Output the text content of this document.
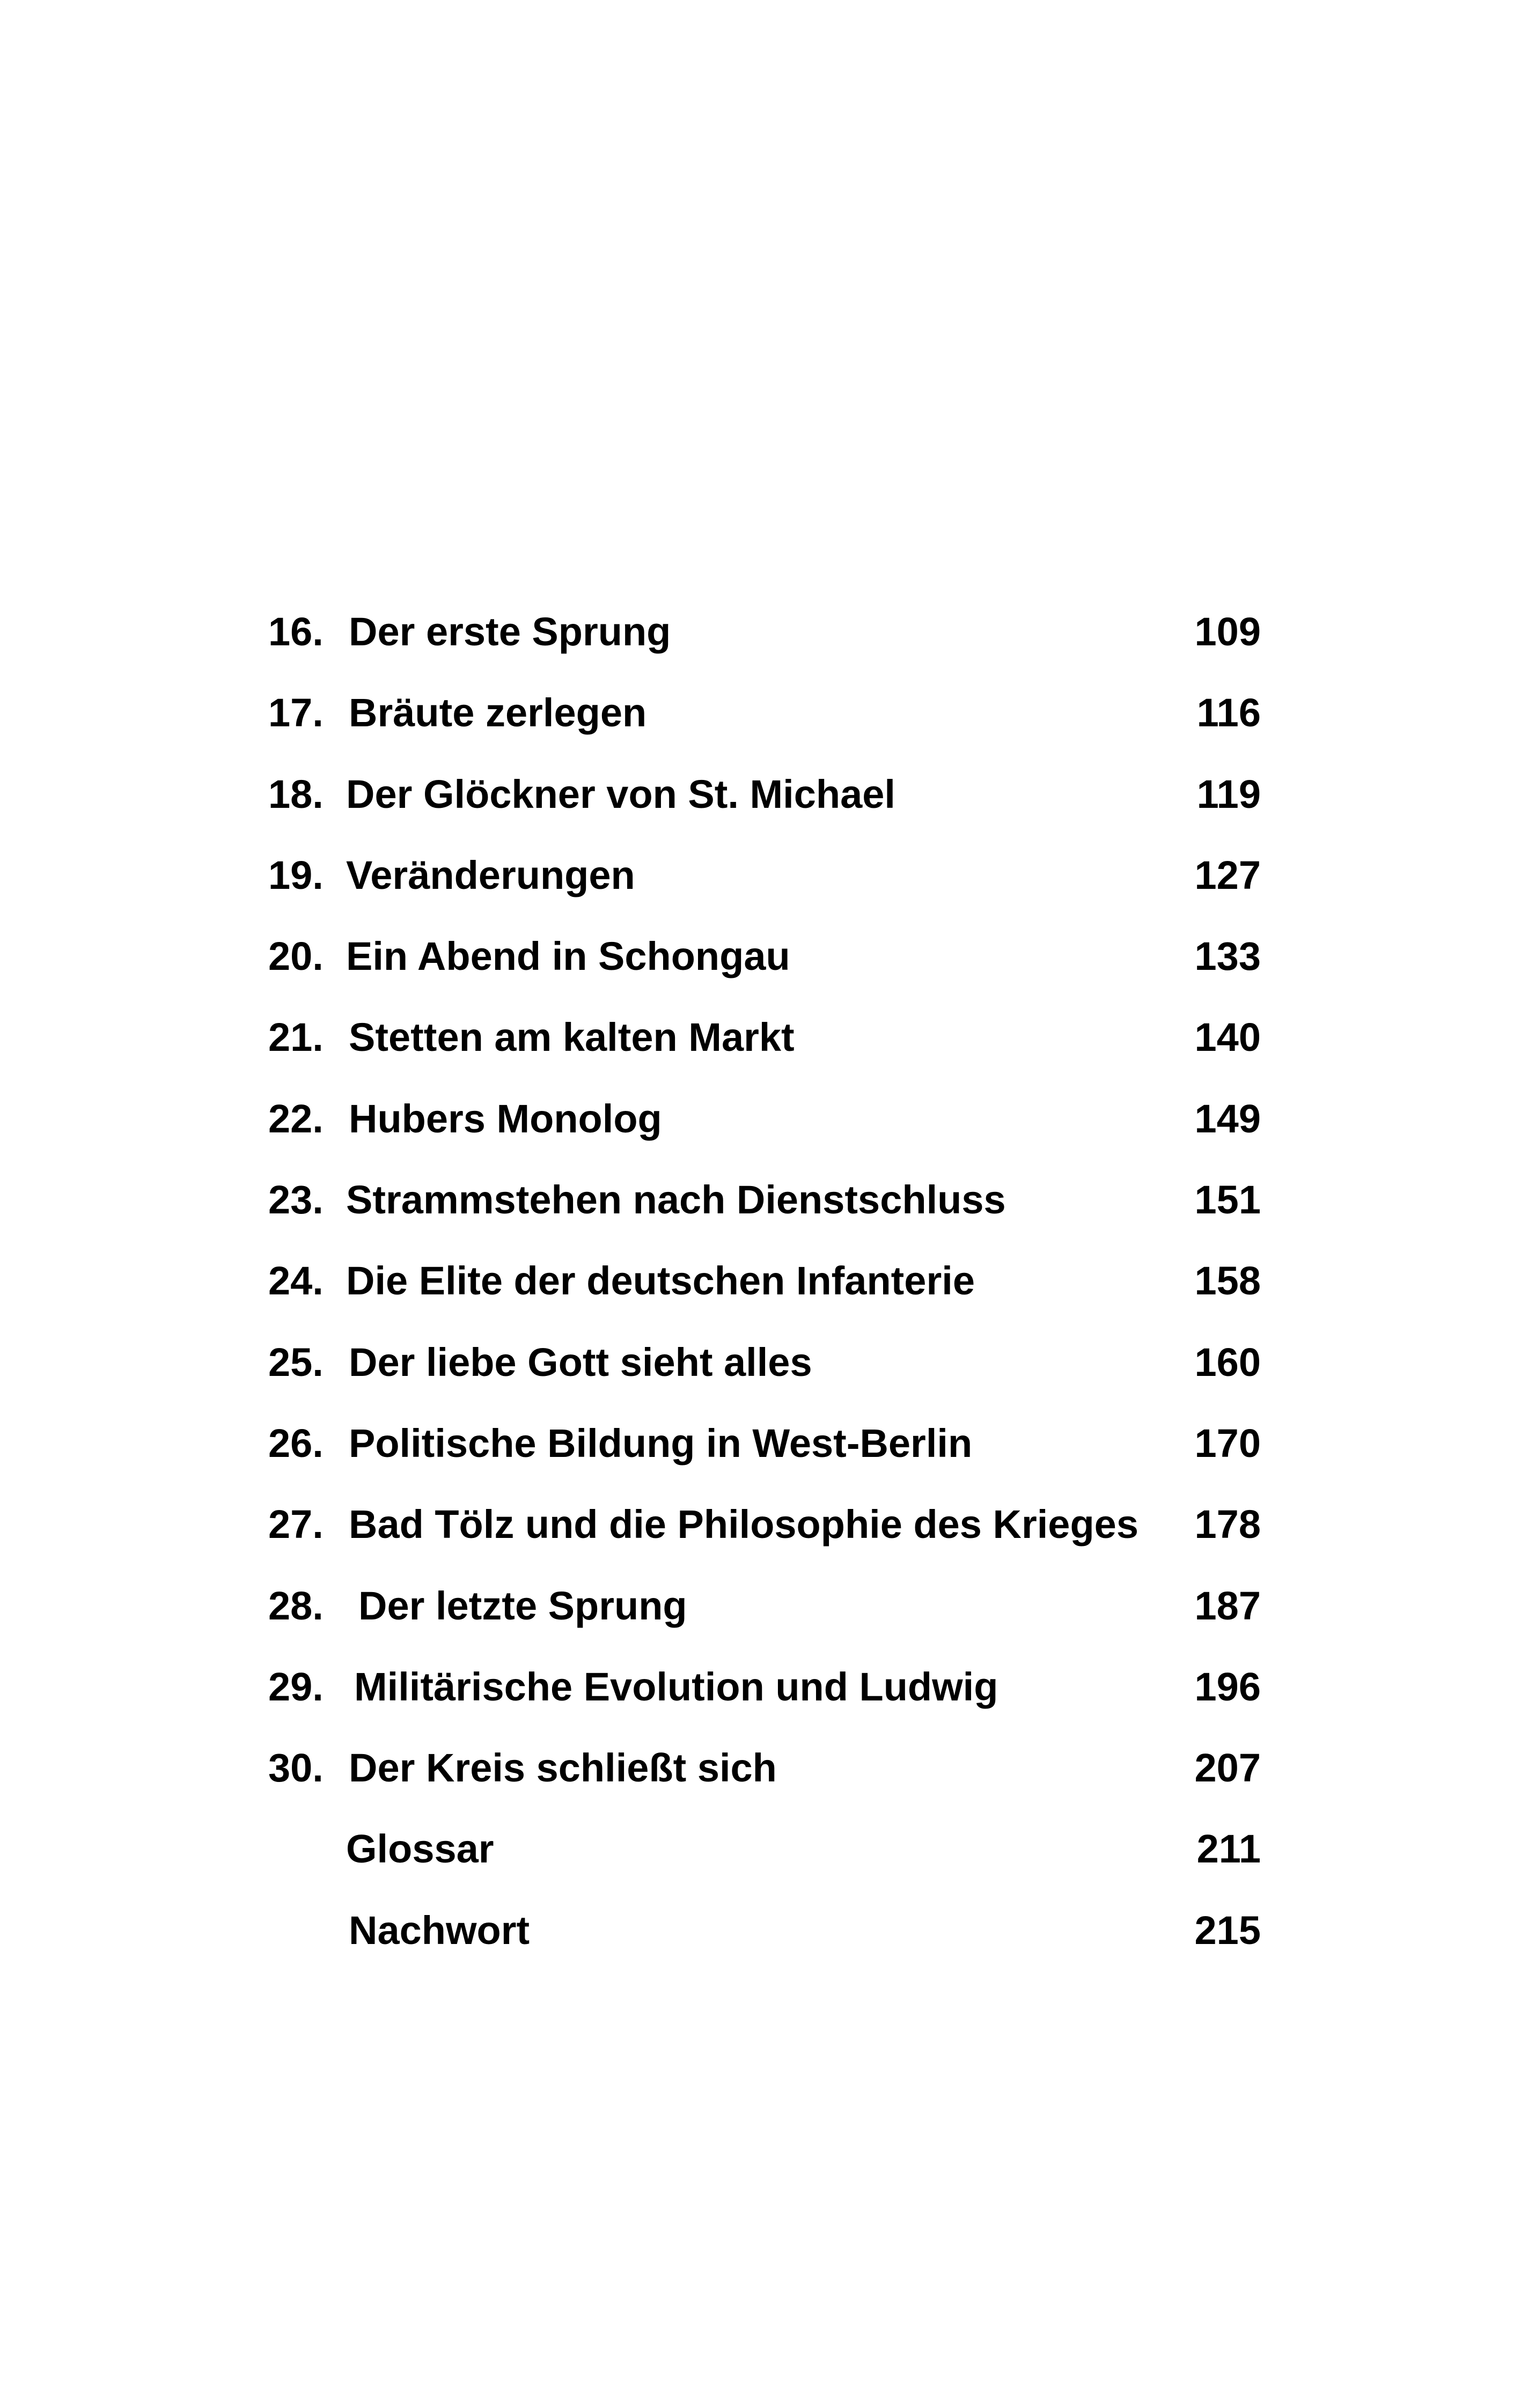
16. Der erste Sprung	109
17. Bräute zerlegen	116
18. Der Glöckner von St. Michael	119
19. Veränderungen	127
20. Ein Abend in Schongau	133
21. Stetten am kalten Markt	140
22. Hubers Monolog	149
23. Strammstehen nach Dienstschluss	151
24. Die Elite der deutschen Infanterie	158
25. Der liebe Gott sieht alles	160
26. Politische Bildung in West-Berlin	170
27. Bad Tölz und die Philosophie des Krieges 178
28. Der letzte Sprung	187
29. Militärische Evolution und Ludwig	196
30. Der Kreis schließt sich	207
Glossar	211
Nachwort	215
